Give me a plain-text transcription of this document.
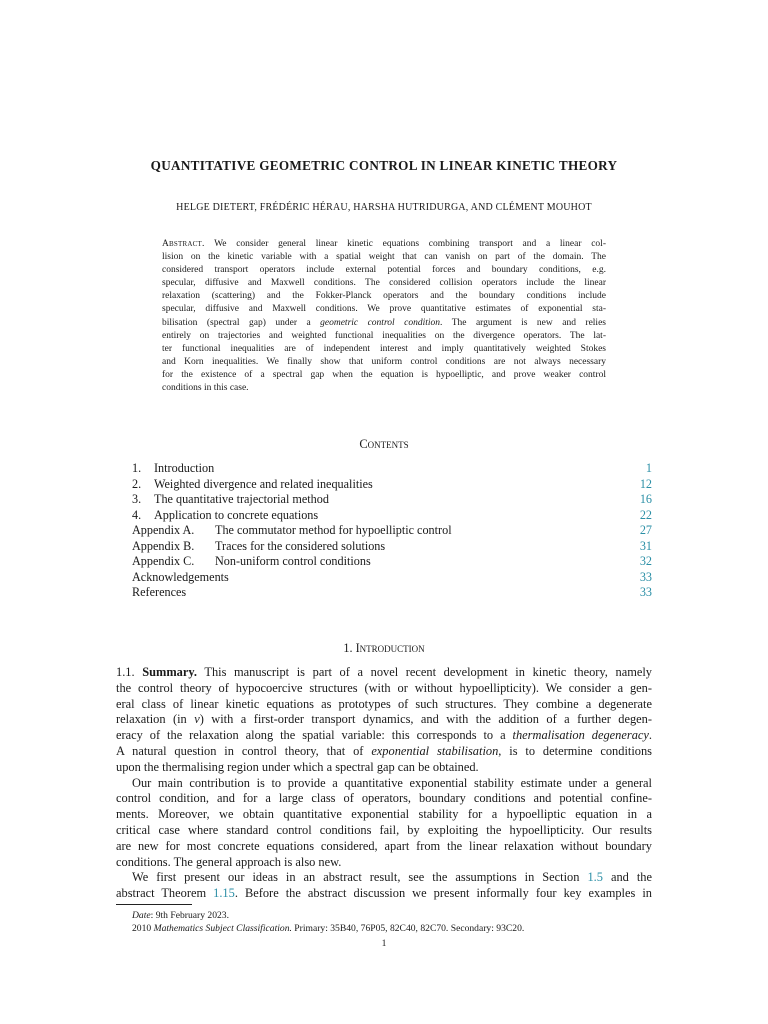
QUANTITATIVE GEOMETRIC CONTROL IN LINEAR KINETIC THEORY
HELGE DIETERT, FRÉDÉRIC HÉRAU, HARSHA HUTRIDURGA, AND CLÉMENT MOUHOT
Abstract. We consider general linear kinetic equations combining transport and a linear col-
lision on the kinetic variable with a spatial weight that can vanish on part of the domain. The
considered transport operators include external potential forces and boundary conditions, e.g.
specular, diffusive and Maxwell conditions. The considered collision operators include the linear
relaxation (scattering) and the Fokker-Planck operators and the boundary conditions include
specular, diffusive and Maxwell conditions. We prove quantitative estimates of exponential sta-
bilisation (spectral gap) under a geometric control condition. The argument is new and relies
entirely on trajectories and weighted functional inequalities on the divergence operators. The lat-
ter functional inequalities are of independent interest and imply quantitatively weighted Stokes
and Korn inequalities. We finally show that uniform control conditions are not always necessary
for the existence of a spectral gap when the equation is hypoelliptic, and prove weaker control
conditions in this case.
Contents
1. Introduction	1
2. Weighted divergence and related inequalities	12
3. The quantitative trajectorial method	16
4. Application to concrete equations	22
Appendix A. The commutator method for hypoelliptic control	27
Appendix B. Traces for the considered solutions	31
Appendix C. Non-uniform control conditions	32
Acknowledgements	33
References	33
1. Introduction
1.1. Summary. This manuscript is part of a novel recent development in kinetic theory, namely
the control theory of hypocoercive structures (with or without hypoellipticity). We consider a gen-
eral class of linear kinetic equations as prototypes of such structures. They combine a degenerate
relaxation (in v) with a first-order transport dynamics, and with the addition of a further degen-
eracy of the relaxation along the spatial variable: this corresponds to a thermalisation degeneracy.
A natural question in control theory, that of exponential stabilisation, is to determine conditions
upon the thermalising region under which a spectral gap can be obtained.
Our main contribution is to provide a quantitative exponential stability estimate under a general
control condition, and for a large class of operators, boundary conditions and potential confine-
ments. Moreover, we obtain quantitative exponential stability for a hypoelliptic equation in a
critical case where standard control conditions fail, by exploiting the hypoellipticity. Our results
are new for most concrete equations considered, apart from the linear relaxation without boundary
conditions. The general approach is also new.
We first present our ideas in an abstract result, see the assumptions in Section 1.5 and the
abstract Theorem 1.15. Before the abstract discussion we present informally four key examples in
Date: 9th February 2023.
2010 Mathematics Subject Classification. Primary: 35B40, 76P05, 82C40, 82C70. Secondary: 93C20.
1
